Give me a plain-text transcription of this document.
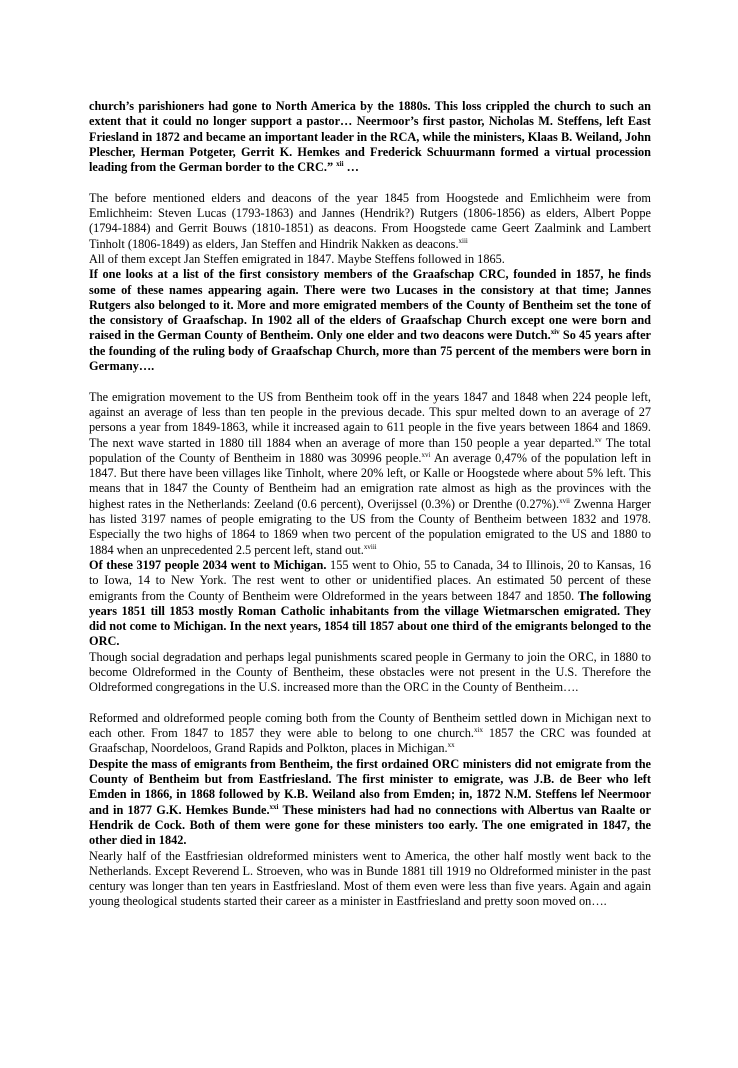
church’s parishioners had gone to North America by the 1880s. This loss crippled the church to such an extent that it could no longer support a pastor… Neermoor’s first pastor, Nicholas M. Steffens, left East Friesland in 1872 and became an important leader in the RCA, while the ministers, Klaas B. Weiland, John Plescher, Herman Potgeter, Gerrit K. Hemkes and Frederick Schuurmann formed a virtual procession leading from the German border to the CRC.” $^{xii}$ …

The before mentioned elders and deacons of the year 1845 from Hoogstede and Emlichheim were from Emlichheim: Steven Lucas (1793-1863) and Jannes (Hendrik?) Rutgers (1806-1856) as elders, Albert Poppe (1794-1884) and Gerrit Bouws (1810-1851) as deacons. From Hoogstede came Geert Zaalmink and Lambert Tinholt (1806-1849) as elders, Jan Steffen and Hindrik Nakken as deacons.$^{xiii}$

All of them except Jan Steffen emigrated in 1847. Maybe Steffens followed in 1865.

If one looks at a list of the first consistory members of the Graafschap CRC, founded in 1857, he finds some of these names appearing again. There were two Lucases in the consistory at that time; Jannes Rutgers also belonged to it. More and more emigrated members of the County of Bentheim set the tone of the consistory of Graafschap. In 1902 all of the elders of Graafschap Church except one were born and raised in the German County of Bentheim. Only one elder and two deacons were Dutch.$^{xiv}$ So 45 years after the founding of the ruling body of Graafschap Church, more than 75 percent of the members were born in Germany….

The emigration movement to the US from Bentheim took off in the years 1847 and 1848 when 224 people left, against an average of less than ten people in the previous decade. This spur melted down to an average of 27 persons a year from 1849-1863, while it increased again to 611 people in the five years between 1864 and 1869. The next wave started in 1880 till 1884 when an average of more than 150 people a year departed.$^{xv}$ The total population of the County of Bentheim in 1880 was 30996 people.$^{xvi}$ An average 0,47% of the population left in 1847. But there have been villages like Tinholt, where 20% left, or Kalle or Hoogstede where about 5% left. This means that in 1847 the County of Bentheim had an emigration rate almost as high as the provinces with the highest rates in the Netherlands: Zeeland (0.6 percent), Overijssel (0.3%) or Drenthe (0.27%).$^{xvii}$ Zwenna Harger has listed 3197 names of people emigrating to the US from the County of Bentheim between 1832 and 1978. Especially the two highs of 1864 to 1869 when two percent of the population emigrated to the US and 1880 to 1884 when an unprecedented 2.5 percent left, stand out.$^{xviii}$

Of these 3197 people 2034 went to Michigan. 155 went to Ohio, 55 to Canada, 34 to Illinois, 20 to Kansas, 16 to Iowa, 14 to New York. The rest went to other or unidentified places. An estimated 50 percent of these emigrants from the County of Bentheim were Oldreformed in the years between 1847 and 1850. The following years 1851 till 1853 mostly Roman Catholic inhabitants from the village Wietmarschen emigrated. They did not come to Michigan. In the next years, 1854 till 1857 about one third of the emigrants belonged to the ORC.

Though social degradation and perhaps legal punishments scared people in Germany to join the ORC, in 1880 to become Oldreformed in the County of Bentheim, these obstacles were not present in the U.S. Therefore the Oldreformed congregations in the U.S. increased more than the ORC in the County of Bentheim….

Reformed and oldreformed people coming both from the County of Bentheim settled down in Michigan next to each other. From 1847 to 1857 they were able to belong to one church.$^{xix}$ 1857 the CRC was founded at Graafschap, Noordeloos, Grand Rapids and Polkton, places in Michigan.$^{xx}$

Despite the mass of emigrants from Bentheim, the first ordained ORC ministers did not emigrate from the County of Bentheim but from Eastfriesland. The first minister to emigrate, was J.B. de Beer who left Emden in 1866, in 1868 followed by K.B. Weiland also from Emden; in, 1872 N.M. Steffens lef Neermoor and in 1877 G.K. Hemkes Bunde.$^{xxi}$ These ministers had had no connections with Albertus van Raalte or Hendrik de Cock. Both of them were gone for these ministers too early. The one emigrated in 1847, the other died in 1842.

Nearly half of the Eastfriesian oldreformed ministers went to America, the other half mostly went back to the Netherlands. Except Reverend L. Stroeven, who was in Bunde 1881 till 1919 no Oldreformed minister in the past century was longer than ten years in Eastfriesland. Most of them even were less than five years. Again and again young theological students started their career as a minister in Eastfriesland and pretty soon moved on….
